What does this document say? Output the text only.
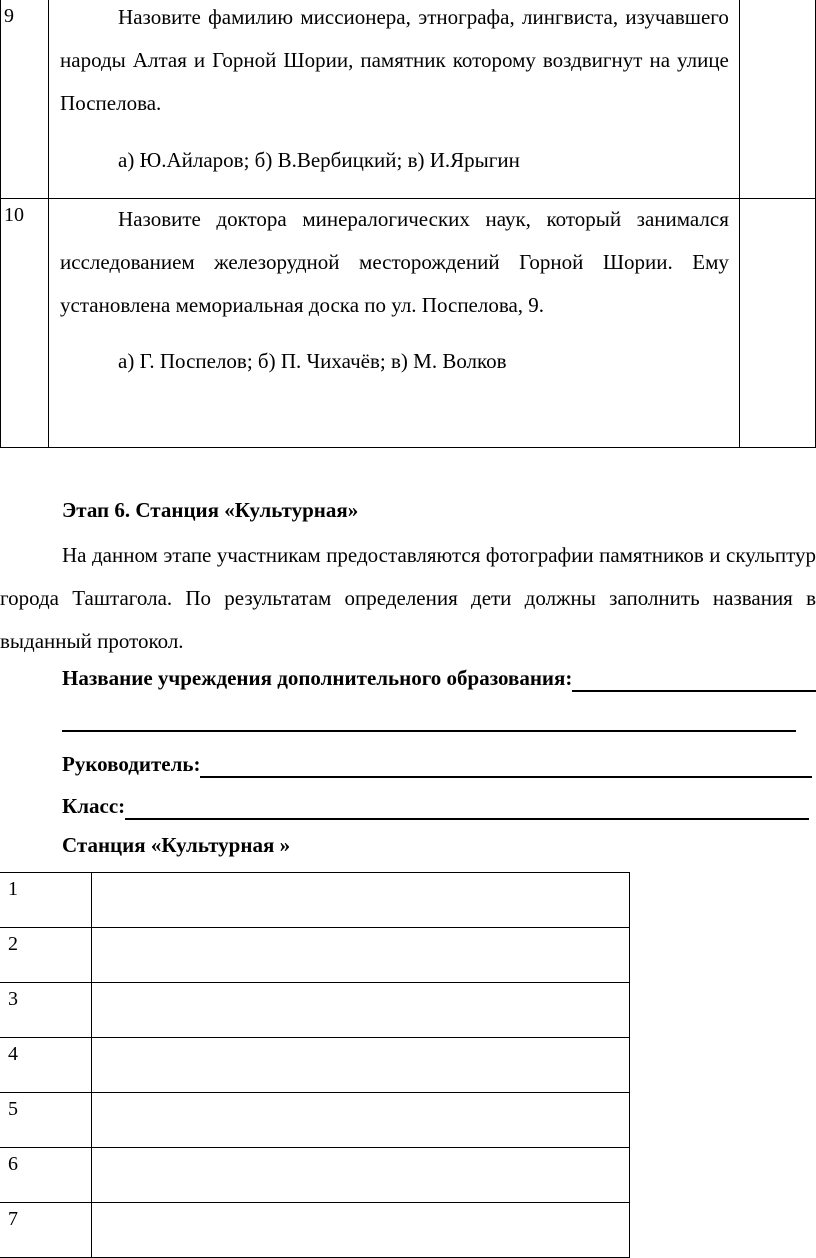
9	Назовите фамилию миссионера, этнографа, лингвиста, изучавшего народы Алтая и Горной Шории, памятник которому воздвигнут на улице Поспелова.

а) Ю.Айларов; б) В.Вербицкий; в) И.Ярыгин	

10	Назовите доктора минералогических наук, который занимался исследованием железорудной месторождений Горной Шории. Ему установлена мемориальная доска по ул. Поспелова, 9.

а) Г. Поспелов; б) П. Чихачёв; в) М. Волков	

Этап 6. Станция «Культурная»

На данном этапе участникам предоставляются фотографии памятников и скульптур города Таштагола. По результатам определения дети должны заполнить названия в выданный протокол.

Название учреждения дополнительного образования:
Руководитель:
Класс:

Станция «Культурная »

1	
2	
3	
4	
5	
6	
7	
